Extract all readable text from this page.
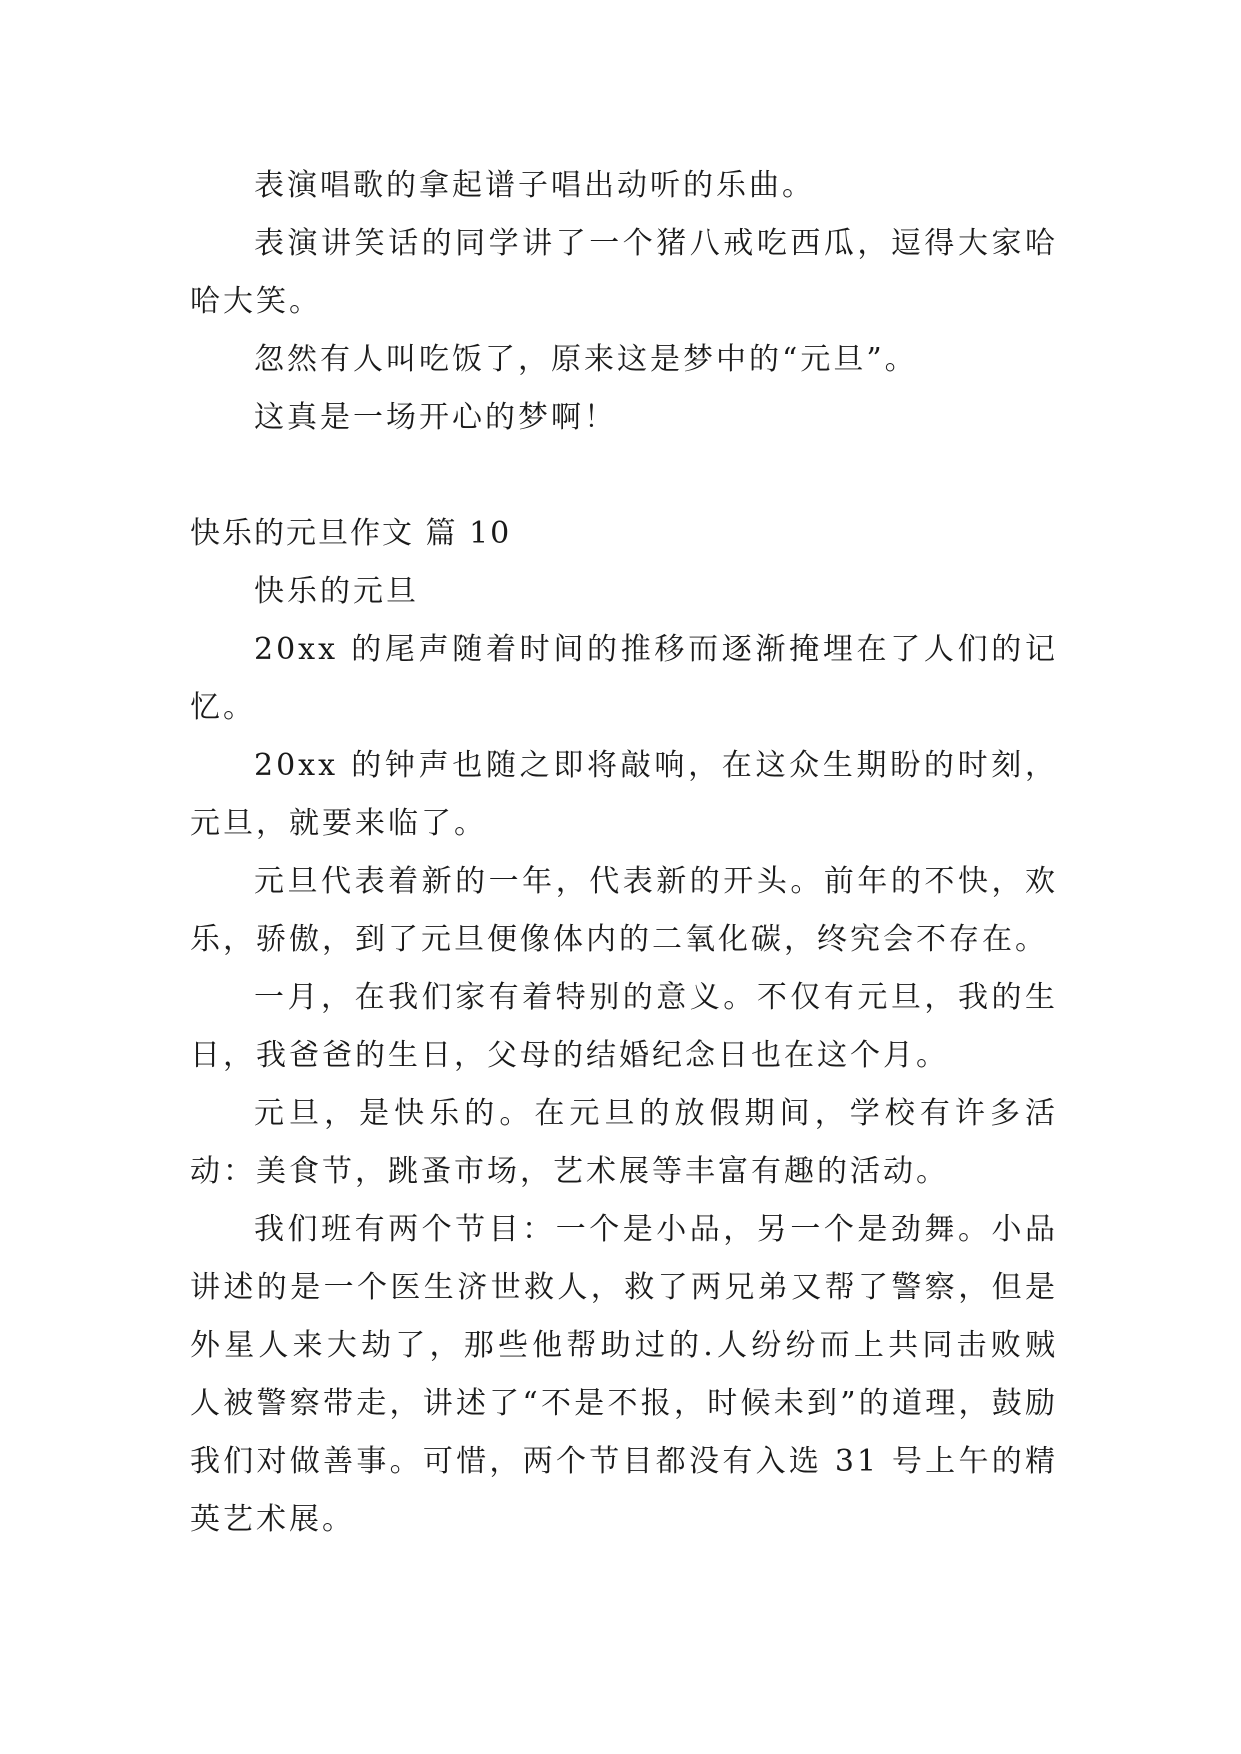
表演唱歌的拿起谱子唱出动听的乐曲。

表演讲笑话的同学讲了一个猪八戒吃西瓜，逗得大家哈哈大笑。

忽然有人叫吃饭了，原来这是梦中的“元旦”。

这真是一场开心的梦啊！

快乐的元旦作文 篇 10

快乐的元旦

20xx 的尾声随着时间的推移而逐渐掩埋在了人们的记忆。

20xx 的钟声也随之即将敲响，在这众生期盼的时刻，元旦，就要来临了。

元旦代表着新的一年，代表新的开头。前年的不快，欢乐，骄傲，到了元旦便像体内的二氧化碳，终究会不存在。

一月，在我们家有着特别的意义。不仅有元旦，我的生日，我爸爸的生日，父母的结婚纪念日也在这个月。

元旦，是快乐的。在元旦的放假期间，学校有许多活动：美食节，跳蚤市场，艺术展等丰富有趣的活动。

我们班有两个节目：一个是小品，另一个是劲舞。小品讲述的是一个医生济世救人，救了两兄弟又帮了警察，但是外星人来大劫了，那些他帮助过的.人纷纷而上共同击败贼人被警察带走，讲述了“不是不报，时候未到”的道理，鼓励我们对做善事。可惜，两个节目都没有入选 31 号上午的精英艺术展。
